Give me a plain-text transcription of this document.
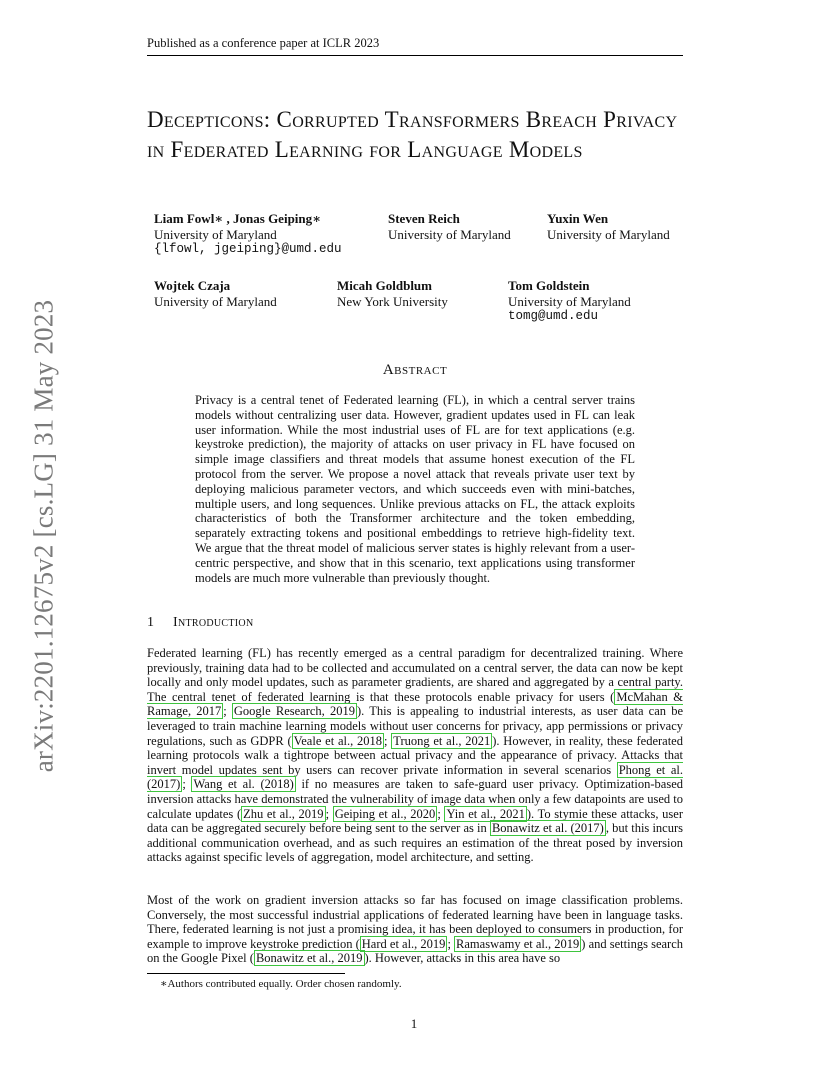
Published as a conference paper at ICLR 2023
arXiv:2201.12675v2 [cs.LG] 31 May 2023
Decepticons: Corrupted Transformers Breach Privacy in Federated Learning for Language Models
Liam Fowl∗ , Jonas Geiping∗
University of Maryland
{lfowl, jgeiping}@umd.edu
Steven Reich
University of Maryland
Yuxin Wen
University of Maryland
Wojtek Czaja
University of Maryland
Micah Goldblum
New York University
Tom Goldstein
University of Maryland
tomg@umd.edu
Abstract
Privacy is a central tenet of Federated learning (FL), in which a central server trains models without centralizing user data. However, gradient updates used in FL can leak user information. While the most industrial uses of FL are for text applications (e.g. keystroke prediction), the majority of attacks on user privacy in FL have focused on simple image classifiers and threat models that assume honest execution of the FL protocol from the server. We propose a novel attack that reveals private user text by deploying malicious parameter vectors, and which succeeds even with mini-batches, multiple users, and long sequences. Unlike previous attacks on FL, the attack exploits characteristics of both the Transformer architecture and the token embedding, separately extracting tokens and positional embeddings to retrieve high-fidelity text. We argue that the threat model of malicious server states is highly relevant from a user-centric perspective, and show that in this scenario, text applications using transformer models are much more vulnerable than previously thought.
1 Introduction
Federated learning (FL) has recently emerged as a central paradigm for decentralized training. Where previously, training data had to be collected and accumulated on a central server, the data can now be kept locally and only model updates, such as parameter gradients, are shared and aggregated by a central party. The central tenet of federated learning is that these protocols enable privacy for users ( McMahan & Ramage, 2017 ; Google Research, 2019 ). This is appealing to industrial interests, as user data can be leveraged to train machine learning models without user concerns for privacy, app permissions or privacy regulations, such as GDPR ( Veale et al., 2018 ; Truong et al., 2021 ). However, in reality, these federated learning protocols walk a tightrope between actual privacy and the appearance of privacy. Attacks that invert model updates sent by users can recover private information in several scenarios Phong et al. (2017) ; Wang et al. (2018) if no measures are taken to safe-guard user privacy. Optimization-based inversion attacks have demonstrated the vulnerability of image data when only a few datapoints are used to calculate updates ( Zhu et al., 2019 ; Geiping et al., 2020 ; Yin et al., 2021 ). To stymie these attacks, user data can be aggregated securely before being sent to the server as in Bonawitz et al. (2017) , but this incurs additional communication overhead, and as such requires an estimation of the threat posed by inversion attacks against specific levels of aggregation, model architecture, and setting.
Most of the work on gradient inversion attacks so far has focused on image classification problems. Conversely, the most successful industrial applications of federated learning have been in language tasks. There, federated learning is not just a promising idea, it has been deployed to consumers in production, for example to improve keystroke prediction ( Hard et al., 2019 ; Ramaswamy et al., 2019 ) and settings search on the Google Pixel ( Bonawitz et al., 2019 ). However, attacks in this area have so
∗Authors contributed equally. Order chosen randomly.
1
